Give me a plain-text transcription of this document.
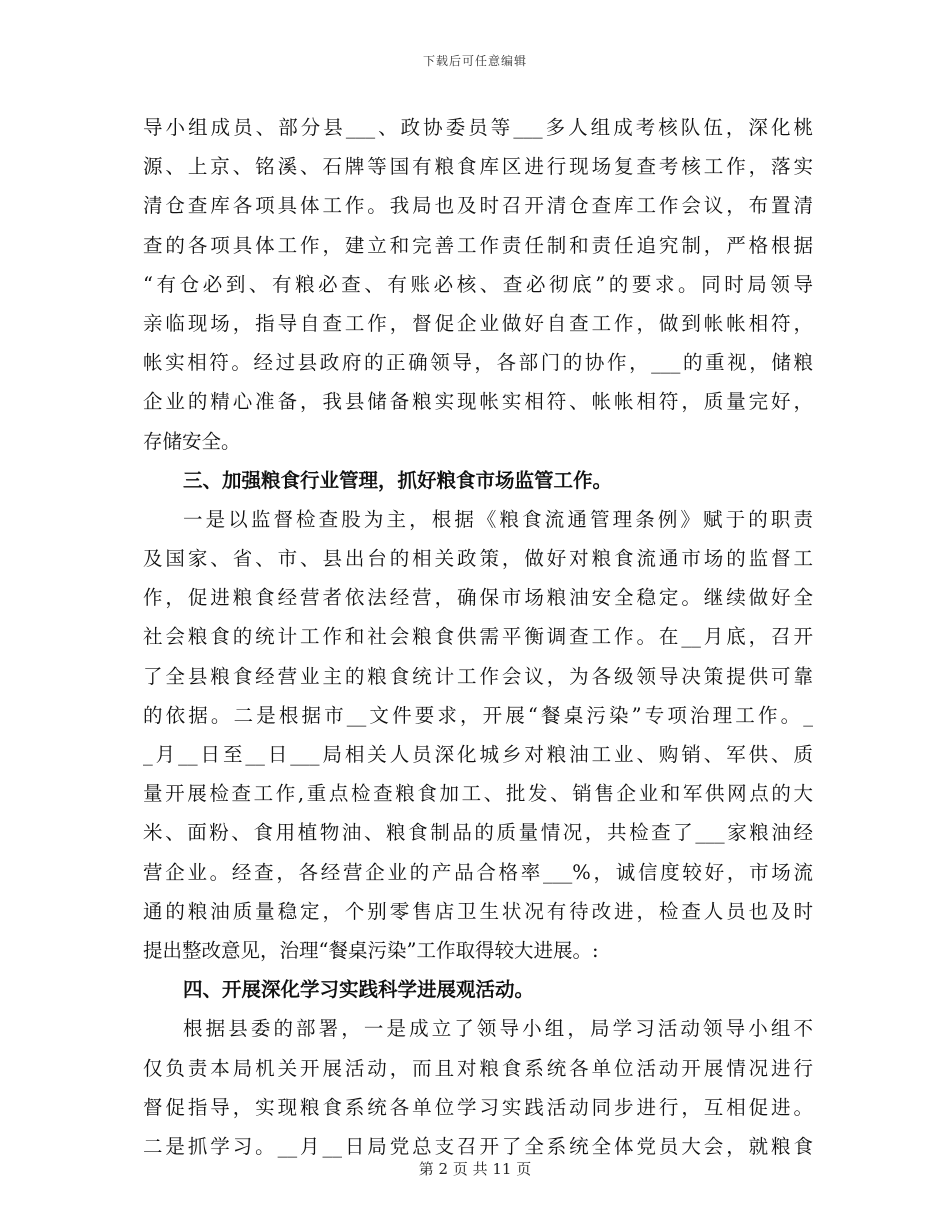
下载后可任意编辑
导小组成员、部分县___、政协委员等___多人组成考核队伍，深化桃
源、上京、铭溪、石牌等国有粮食库区进行现场复查考核工作，落实
清仓查库各项具体工作。我局也及时召开清仓查库工作会议，布置清
查的各项具体工作，建立和完善工作责任制和责任追究制，严格根据
“有仓必到、有粮必查、有账必核、查必彻底”的要求。同时局领导
亲临现场，指导自查工作，督促企业做好自查工作，做到帐帐相符，
帐实相符。经过县政府的正确领导，各部门的协作，___的重视，储粮
企业的精心准备，我县储备粮实现帐实相符、帐帐相符，质量完好，
存储安全。
三、加强粮食行业管理，抓好粮食市场监管工作。
一是以监督检查股为主，根据《粮食流通管理条例》赋于的职责
及国家、省、市、县出台的相关政策，做好对粮食流通市场的监督工
作，促进粮食经营者依法经营，确保市场粮油安全稳定。继续做好全
社会粮食的统计工作和社会粮食供需平衡调查工作。在__月底，召开
了全县粮食经营业主的粮食统计工作会议，为各级领导决策提供可靠
的依据。二是根据市__文件要求，开展“餐桌污染”专项治理工作。_
_月__日至__日___局相关人员深化城乡对粮油工业、购销、军供、质
量开展检查工作,重点检查粮食加工、批发、销售企业和军供网点的大
米、面粉、食用植物油、粮食制品的质量情况，共检查了___家粮油经
营企业。经查，各经营企业的产品合格率___%，诚信度较好，市场流
通的粮油质量稳定，个别零售店卫生状况有待改进，检查人员也及时
提出整改意见，治理“餐桌污染”工作取得较大进展。:
四、开展深化学习实践科学进展观活动。
根据县委的部署，一是成立了领导小组，局学习活动领导小组不
仅负责本局机关开展活动，而且对粮食系统各单位活动开展情况进行
督促指导，实现粮食系统各单位学习实践活动同步进行，互相促进。
二是抓学习。__月__日局党总支召开了全系统全体党员大会，就粮食
第 2 页 共 11 页
